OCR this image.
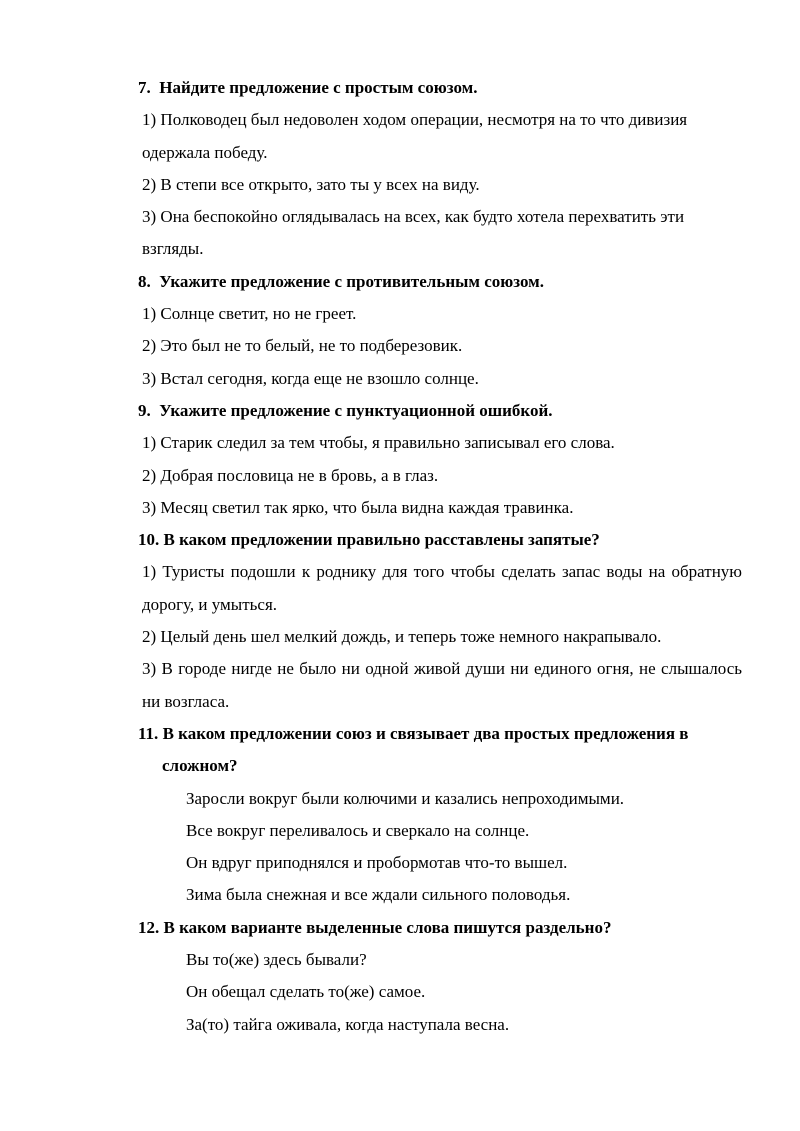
7. Найдите предложение с простым союзом.

1) Полководец был недоволен ходом операции, несмотря на то что дивизия одержала победу.

2) В степи все открыто, зато ты у всех на виду.

3) Она беспокойно оглядывалась на всех, как будто хотела перехватить эти взгляды.

8. Укажите предложение с противительным союзом.

1) Солнце светит, но не греет.

2) Это был не то белый, не то подберезовик.

3) Встал сегодня, когда еще не взошло солнце.

9. Укажите предложение с пунктуационной ошибкой.

1) Старик следил за тем чтобы, я правильно записывал его слова.

2) Добрая пословица не в бровь, а в глаз.

3) Месяц светил так ярко, что была видна каждая травинка.

10. В каком предложении правильно расставлены запятые?

1) Туристы подошли к роднику для того чтобы сделать запас воды на обратную дорогу, и умыться.

2) Целый день шел мелкий дождь, и теперь тоже немного накрапывало.

3) В городе нигде не было ни одной живой души ни единого огня, не слышалось ни возгласа.

11. В каком предложении союз и связывает два простых предложения в сложном?

Заросли вокруг были колючими и казались непроходимыми.

Все вокруг переливалось и сверкало на солнце.

Он вдруг приподнялся и пробормотав что-то вышел.

Зима была снежная и все ждали сильного половодья.

12. В каком варианте выделенные слова пишутся раздельно?

Вы то(же) здесь бывали?

Он обещал сделать то(же) самое.

За(то) тайга оживала, когда наступала весна.
